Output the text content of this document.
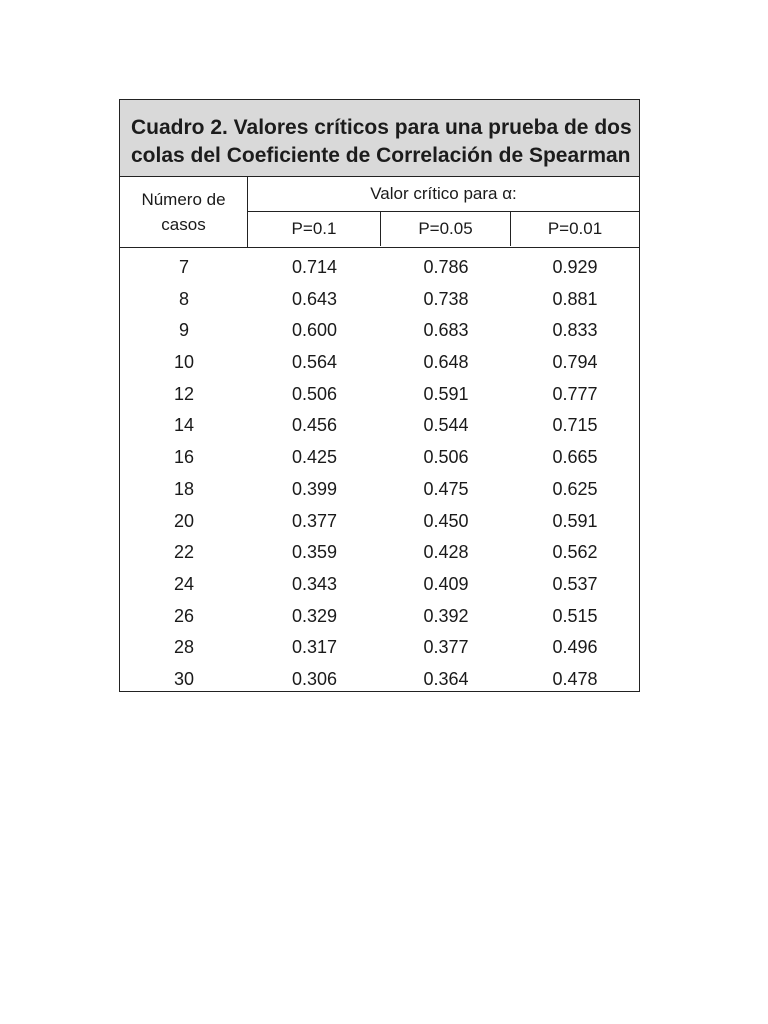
Cuadro 2. Valores críticos para una prueba de dos
colas del Coeficiente de Correlación de Spearman
Número de
casos
Valor crítico para α:
P=0.1	P=0.05	P=0.01
7	0.714	0.786	0.929
8	0.643	0.738	0.881
9	0.600	0.683	0.833
10	0.564	0.648	0.794
12	0.506	0.591	0.777
14	0.456	0.544	0.715
16	0.425	0.506	0.665
18	0.399	0.475	0.625
20	0.377	0.450	0.591
22	0.359	0.428	0.562
24	0.343	0.409	0.537
26	0.329	0.392	0.515
28	0.317	0.377	0.496
30	0.306	0.364	0.478
